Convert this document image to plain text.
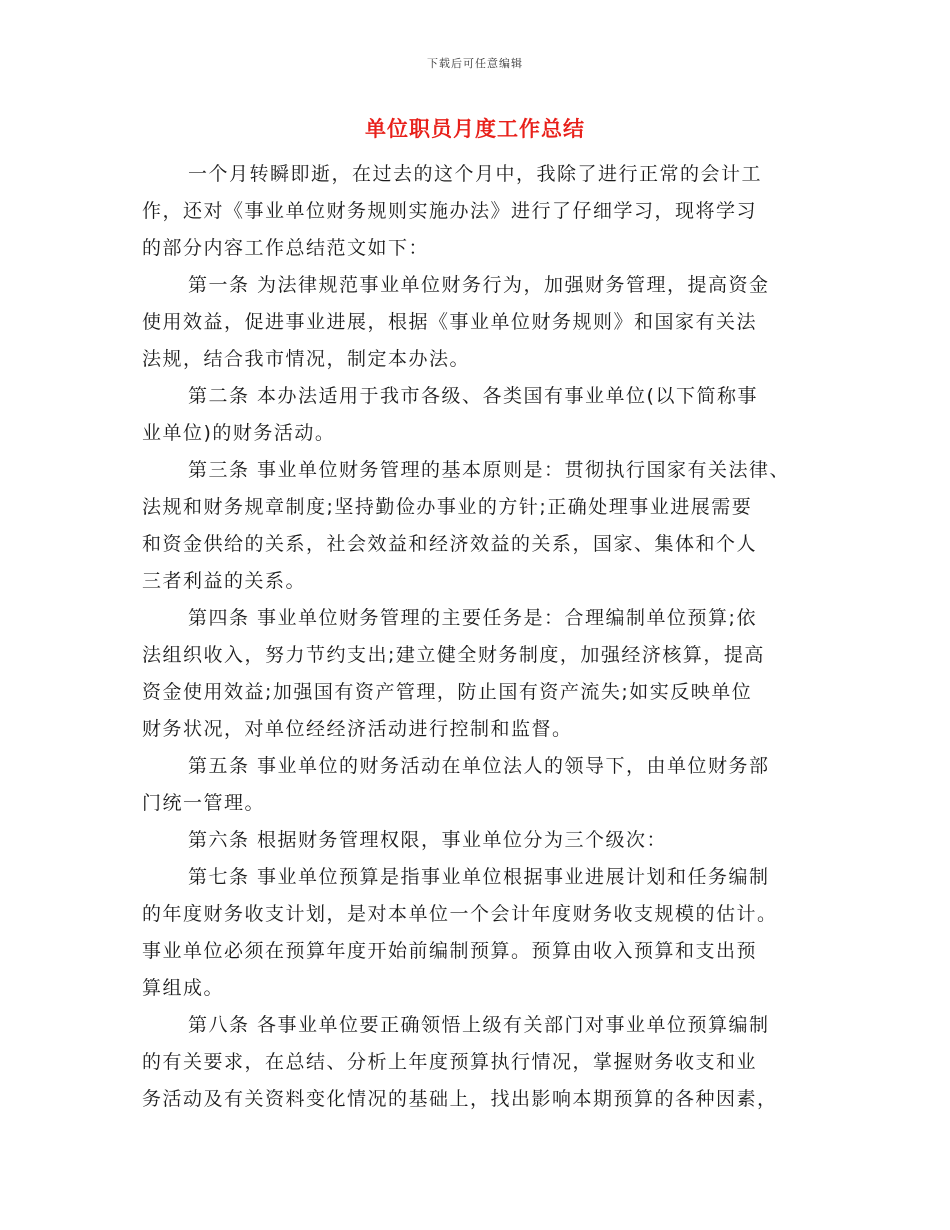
下载后可任意编辑
单位职员月度工作总结
一个月转瞬即逝，在过去的这个月中，我除了进行正常的会计工
作，还对《事业单位财务规则实施办法》进行了仔细学习，现将学习
的部分内容工作总结范文如下：
第一条 为法律规范事业单位财务行为，加强财务管理，提高资金
使用效益，促进事业进展，根据《事业单位财务规则》和国家有关法
法规，结合我市情况，制定本办法。
第二条 本办法适用于我市各级、各类国有事业单位(以下简称事
业单位)的财务活动。
第三条 事业单位财务管理的基本原则是：贯彻执行国家有关法律、
法规和财务规章制度;坚持勤俭办事业的方针;正确处理事业进展需要
和资金供给的关系，社会效益和经济效益的关系，国家、集体和个人
三者利益的关系。
第四条 事业单位财务管理的主要任务是：合理编制单位预算;依
法组织收入，努力节约支出;建立健全财务制度，加强经济核算，提高
资金使用效益;加强国有资产管理，防止国有资产流失;如实反映单位
财务状况，对单位经经济活动进行控制和监督。
第五条 事业单位的财务活动在单位法人的领导下，由单位财务部
门统一管理。
第六条 根据财务管理权限，事业单位分为三个级次：
第七条 事业单位预算是指事业单位根据事业进展计划和任务编制
的年度财务收支计划，是对本单位一个会计年度财务收支规模的估计。
事业单位必须在预算年度开始前编制预算。预算由收入预算和支出预
算组成。
第八条 各事业单位要正确领悟上级有关部门对事业单位预算编制
的有关要求，在总结、分析上年度预算执行情况，掌握财务收支和业
务活动及有关资料变化情况的基础上，找出影响本期预算的各种因素，
